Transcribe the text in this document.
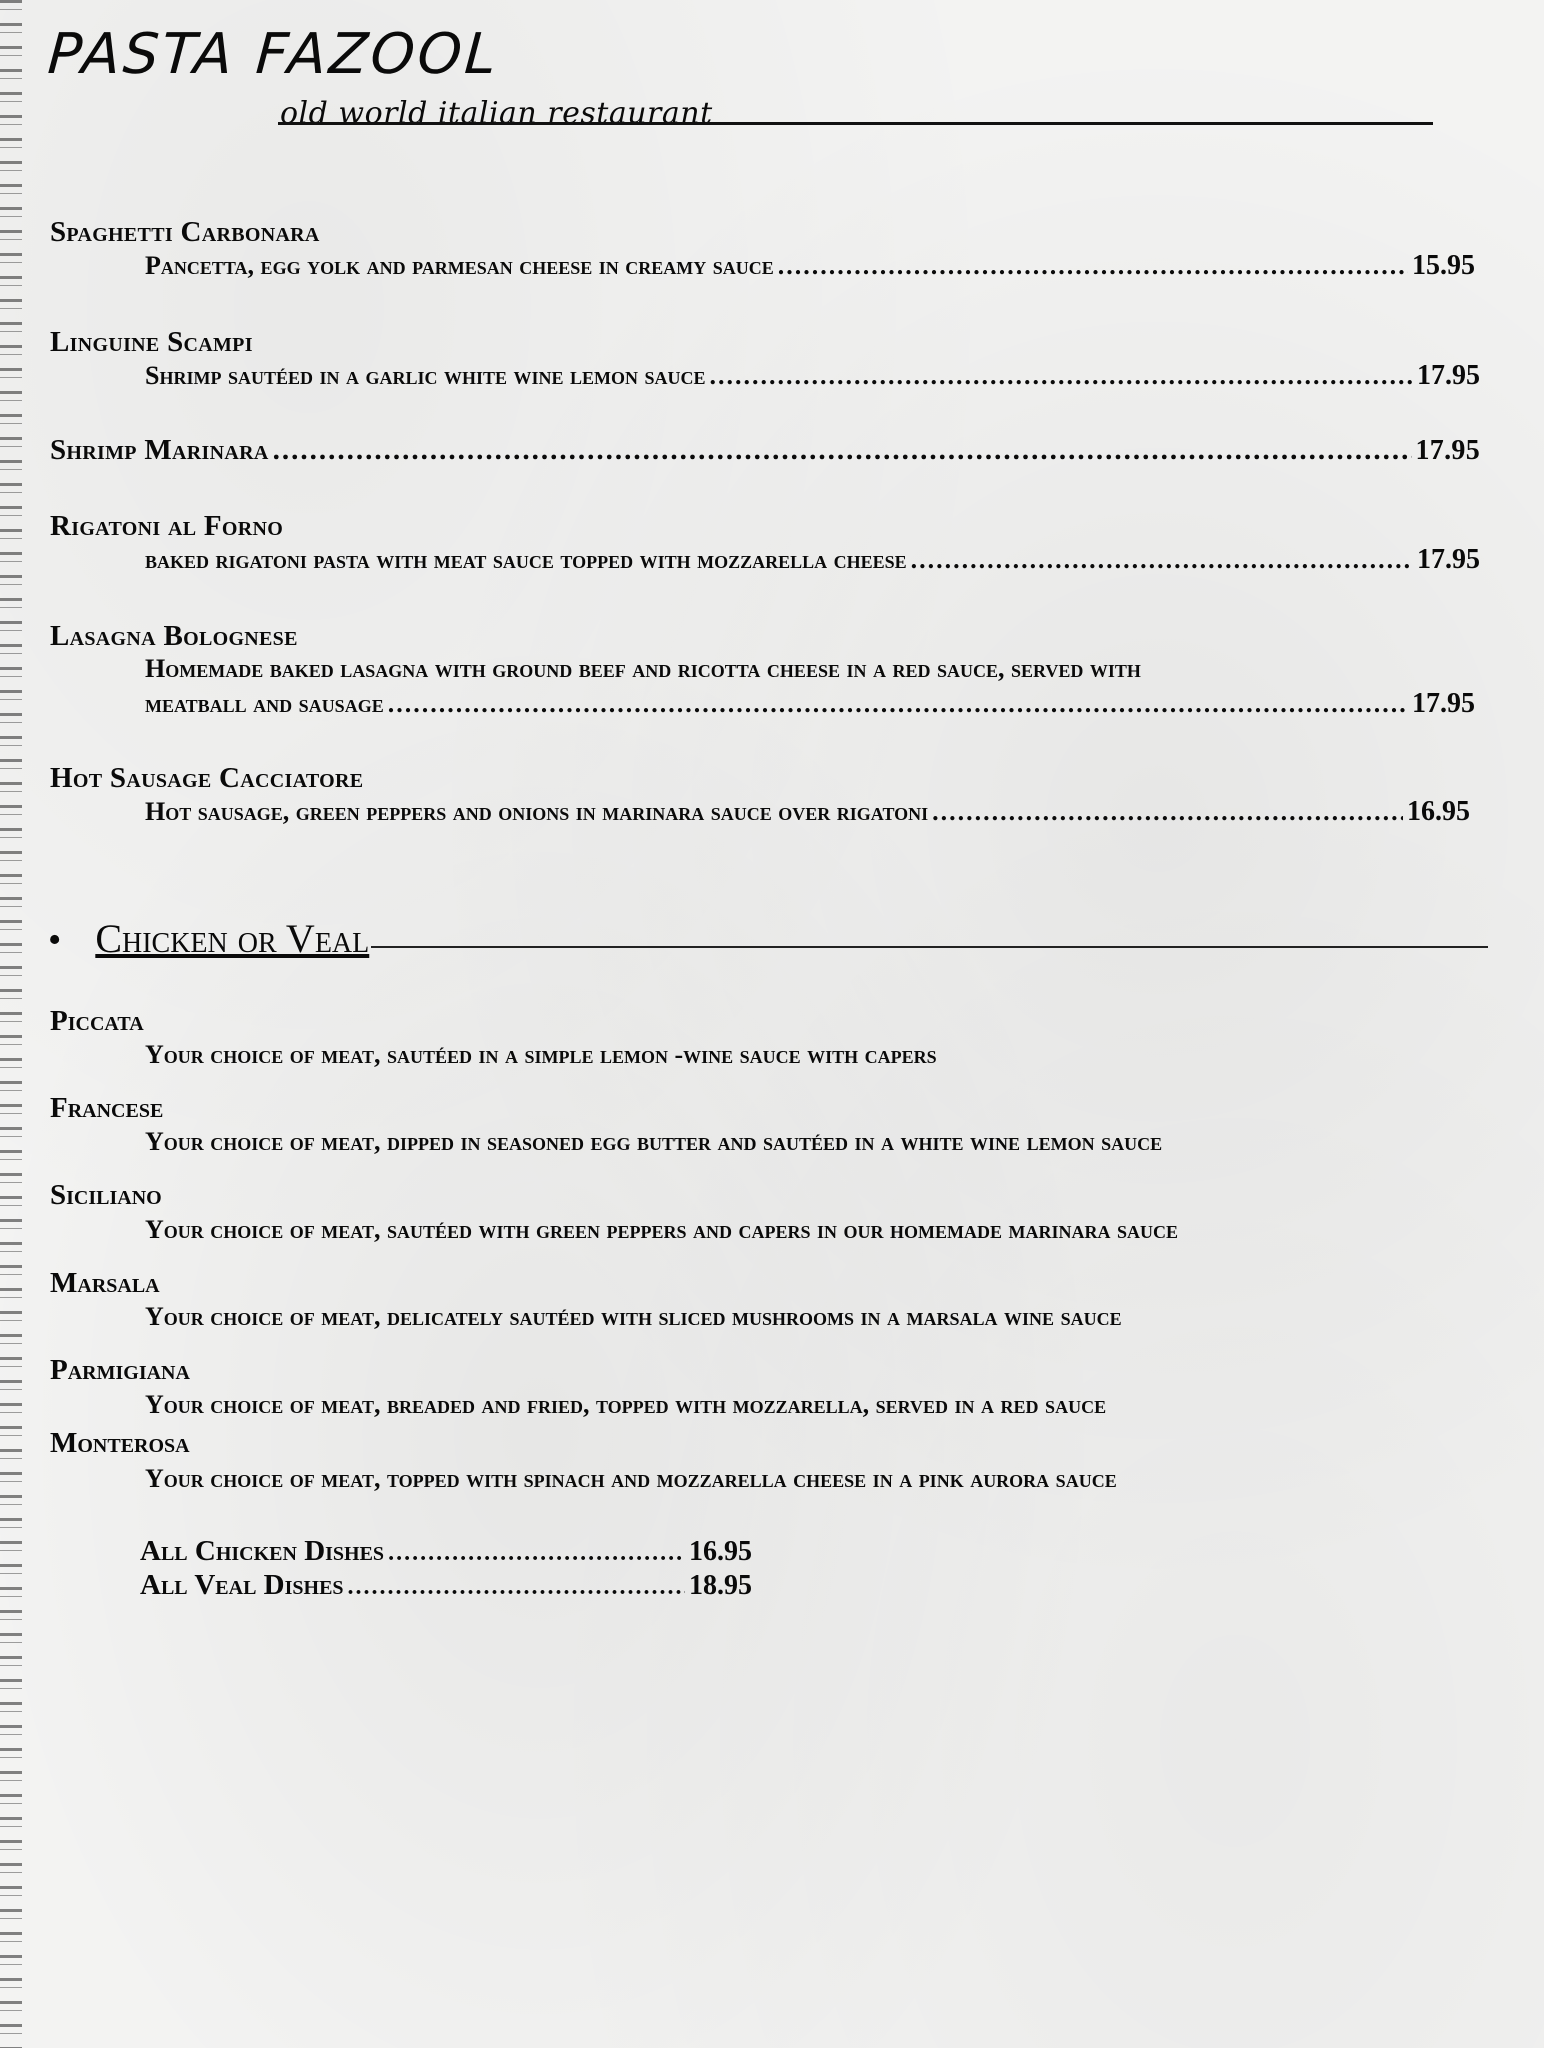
PASTA FAZOOL
old world italian restaurant
Spaghetti Carbonara
Pancetta, egg yolk and parmesan cheese in creamy sauce .....	15.95
Linguine Scampi
Shrimp sautéed in a garlic white wine lemon sauce .....	17.95
Shrimp Marinara .....	17.95
Rigatoni al Forno
baked rigatoni pasta with meat sauce topped with mozzarella cheese .....	17.95
Lasagna Bolognese
Homemade baked lasagna with ground beef and ricotta cheese in a red sauce, served with
meatball and sausage .....	17.95
Hot Sausage Cacciatore
Hot sausage, green peppers and onions in marinara sauce over rigatoni .....	16.95
• Chicken or Veal
Piccata
Your choice of meat, sautéed in a simple lemon -wine sauce with capers
Francese
Your choice of meat, dipped in seasoned egg butter and sautéed in a white wine lemon sauce
Siciliano
Your choice of meat, sautéed with green peppers and capers in our homemade marinara sauce
Marsala
Your choice of meat, delicately sautéed with sliced mushrooms in a marsala wine sauce
Parmigiana
Your choice of meat, breaded and fried, topped with mozzarella, served in a red sauce
Monterosa
Your choice of meat, topped with spinach and mozzarella cheese in a pink aurora sauce
All Chicken Dishes .....	16.95
All Veal Dishes .....	18.95
